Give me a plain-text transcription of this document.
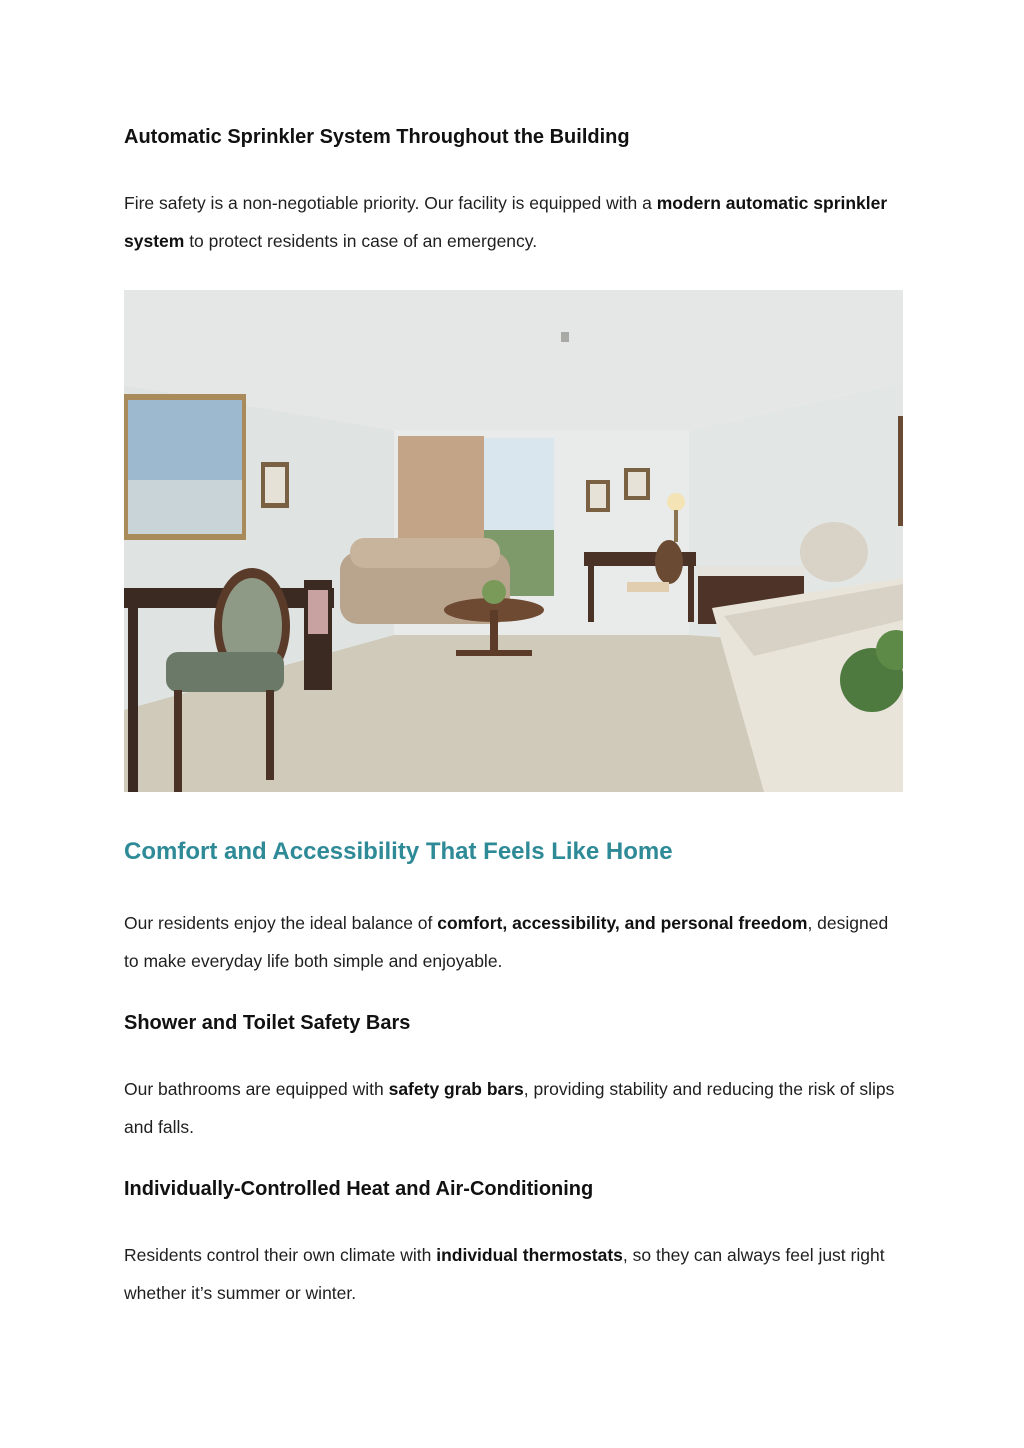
Automatic Sprinkler System Throughout the Building
Fire safety is a non-negotiable priority. Our facility is equipped with a modern automatic sprinkler system to protect residents in case of an emergency.
Comfort and Accessibility That Feels Like Home
Our residents enjoy the ideal balance of comfort, accessibility, and personal freedom, designed to make everyday life both simple and enjoyable.
Shower and Toilet Safety Bars
Our bathrooms are equipped with safety grab bars, providing stability and reducing the risk of slips and falls.
Individually-Controlled Heat and Air-Conditioning
Residents control their own climate with individual thermostats, so they can always feel just right whether it’s summer or winter.
